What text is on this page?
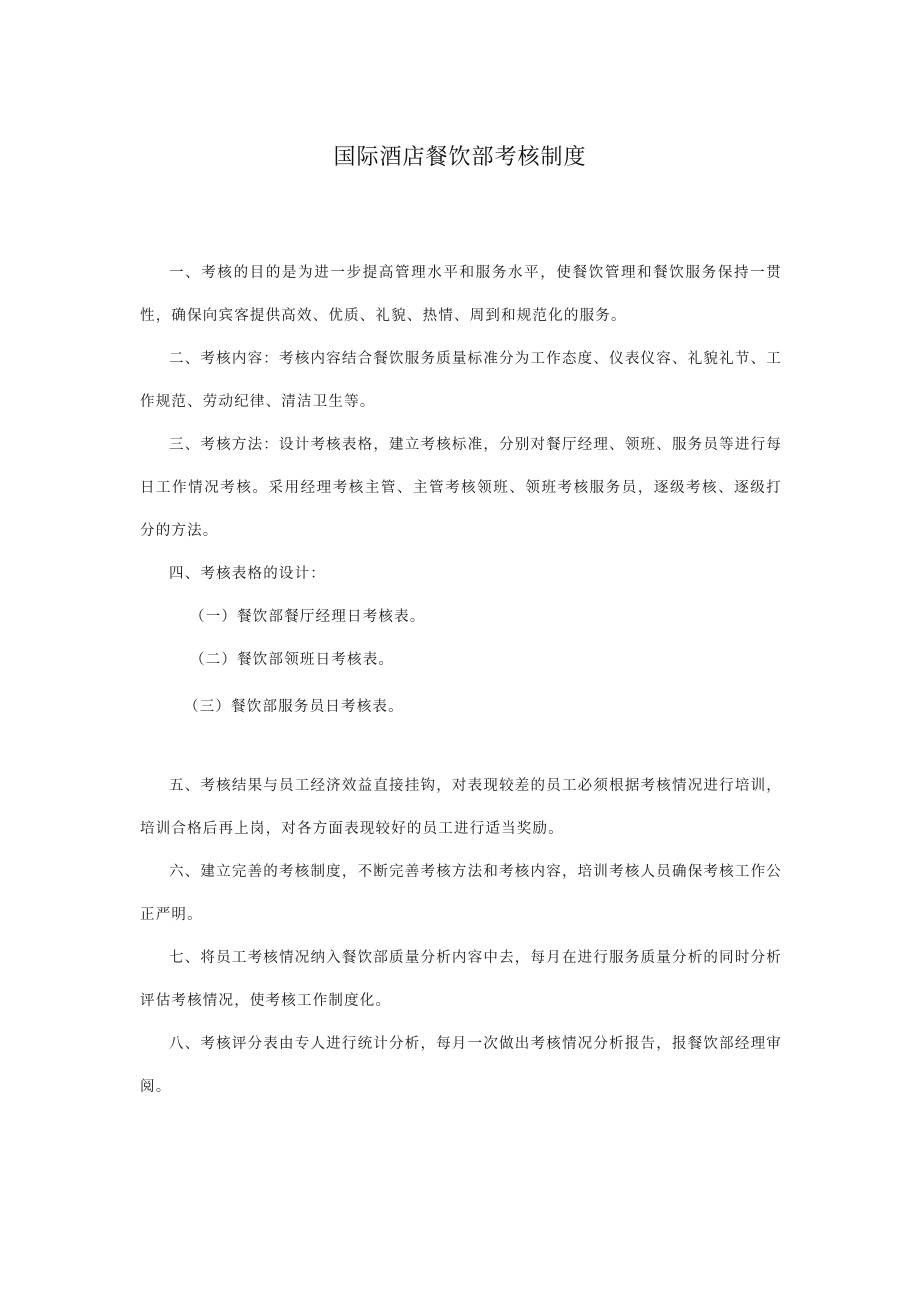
国际酒店餐饮部考核制度

一、考核的目的是为进一步提高管理水平和服务水平，使餐饮管理和餐饮服务保持一贯性，确保向宾客提供高效、优质、礼貌、热情、周到和规范化的服务。

二、考核内容：考核内容结合餐饮服务质量标准分为工作态度、仪表仪容、礼貌礼节、工作规范、劳动纪律、清洁卫生等。

三、考核方法：设计考核表格，建立考核标准，分别对餐厅经理、领班、服务员等进行每日工作情况考核。采用经理考核主管、主管考核领班、领班考核服务员，逐级考核、逐级打分的方法。

四、考核表格的设计：

（一）餐饮部餐厅经理日考核表。

（二）餐饮部领班日考核表。

（三）餐饮部服务员日考核表。

五、考核结果与员工经济效益直接挂钩，对表现较差的员工必须根据考核情况进行培训，培训合格后再上岗，对各方面表现较好的员工进行适当奖励。

六、建立完善的考核制度，不断完善考核方法和考核内容，培训考核人员确保考核工作公正严明。

七、将员工考核情况纳入餐饮部质量分析内容中去，每月在进行服务质量分析的同时分析评估考核情况，使考核工作制度化。

八、考核评分表由专人进行统计分析，每月一次做出考核情况分析报告，报餐饮部经理审阅。
